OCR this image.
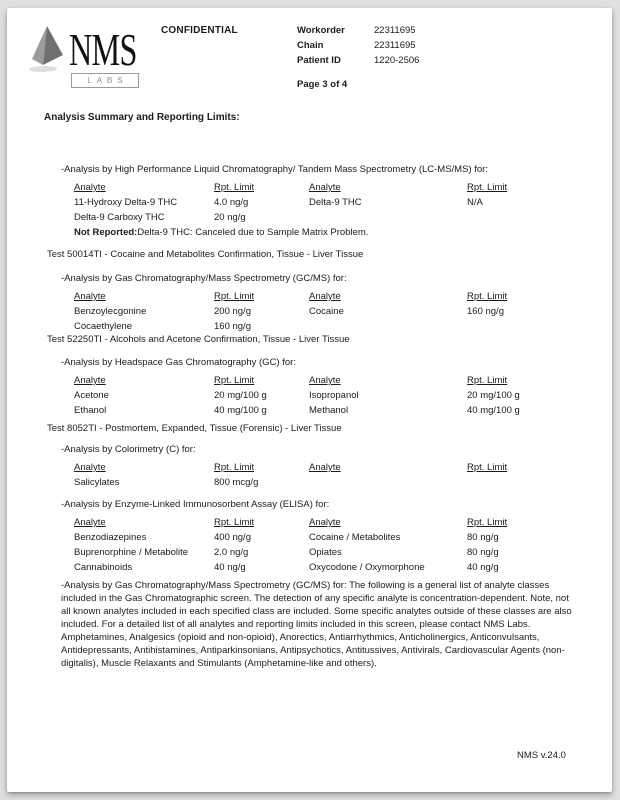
NMS
LABS
CONFIDENTIAL	Workorder	22311695
Chain	22311695
Patient ID	1220-2506
Page 3 of 4
Analysis Summary and Reporting Limits:
-Analysis by High Performance Liquid Chromatography/ Tandem Mass Spectrometry (LC-MS/MS) for:
Analyte	Rpt. Limit	Analyte	Rpt. Limit
11-Hydroxy Delta-9 THC	4.0 ng/g	Delta-9 THC	N/A
Delta-9 Carboxy THC	20 ng/g
Not Reported: Delta-9 THC: Canceled due to Sample Matrix Problem.
Test 50014TI - Cocaine and Metabolites Confirmation, Tissue - Liver Tissue
-Analysis by Gas Chromatography/Mass Spectrometry (GC/MS) for:
Analyte	Rpt. Limit	Analyte	Rpt. Limit
Benzoylecgonine	200 ng/g	Cocaine	160 ng/g
Cocaethylene	160 ng/g
Test 52250TI - Alcohols and Acetone Confirmation, Tissue - Liver Tissue
-Analysis by Headspace Gas Chromatography (GC) for:
Analyte	Rpt. Limit	Analyte	Rpt. Limit
Acetone	20 mg/100 g	Isopropanol	20 mg/100 g
Ethanol	40 mg/100 g	Methanol	40 mg/100 g
Test 8052TI - Postmortem, Expanded, Tissue (Forensic) - Liver Tissue
-Analysis by Colorimetry (C) for:
Analyte	Rpt. Limit	Analyte	Rpt. Limit
Salicylates	800 mcg/g
-Analysis by Enzyme-Linked Immunosorbent Assay (ELISA) for:
Analyte	Rpt. Limit	Analyte	Rpt. Limit
Benzodiazepines	400 ng/g	Cocaine / Metabolites	80 ng/g
Buprenorphine / Metabolite	2.0 ng/g	Opiates	80 ng/g
Cannabinoids	40 ng/g	Oxycodone / Oxymorphone	40 ng/g
-Analysis by Gas Chromatography/Mass Spectrometry (GC/MS) for: The following is a general list of analyte classes included in the Gas Chromatographic screen. The detection of any specific analyte is concentration-dependent. Note, not all known analytes included in each specified class are included. Some specific analytes outside of these classes are also included. For a detailed list of all analytes and reporting limits included in this screen, please contact NMS Labs. Amphetamines, Analgesics (opioid and non-opioid), Anorectics, Antiarrhythmics, Anticholinergics, Anticonvulsants, Antidepressants, Antihistamines, Antiparkinsonians, Antipsychotics, Antitussives, Antivirals, Cardiovascular Agents (non-digitalis), Muscle Relaxants and Stimulants (Amphetamine-like and others).
NMS v.24.0
